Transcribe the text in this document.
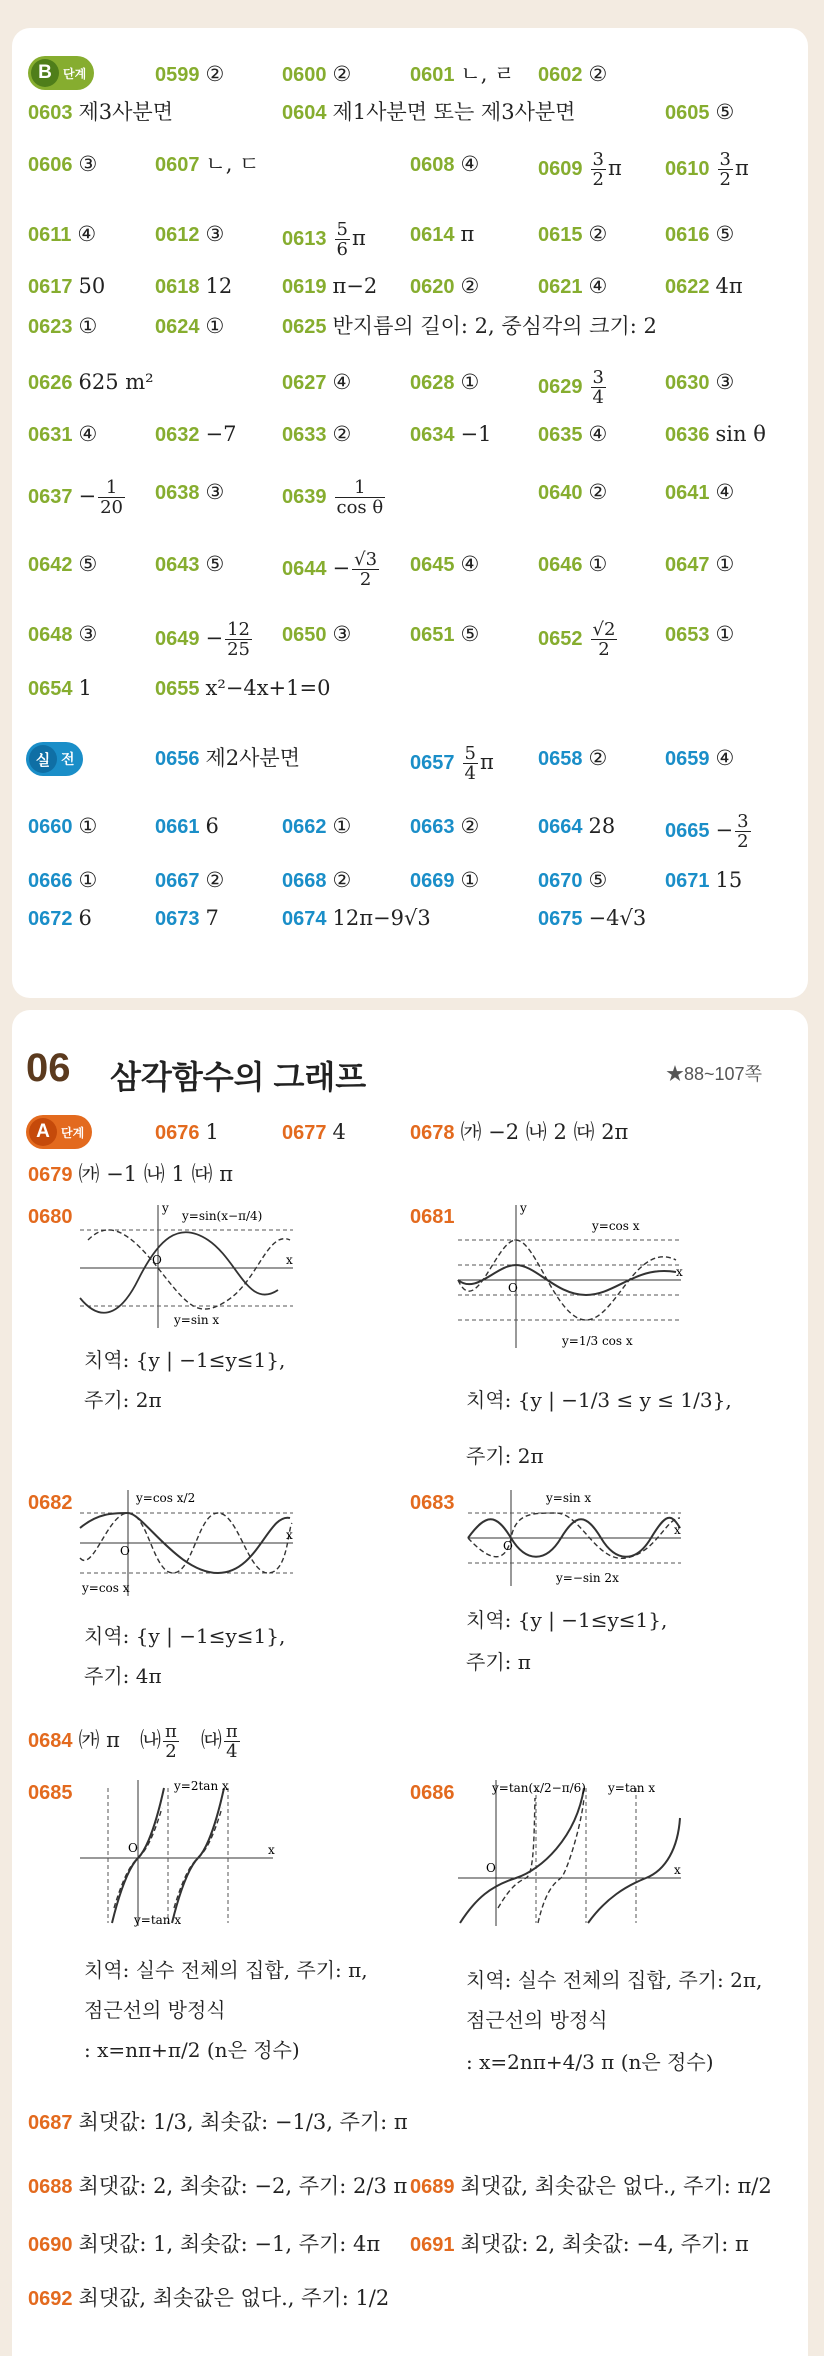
B 단계	0599 ②	0600 ②	0601 ㄴ, ㄹ 0602 ②
0603 제3사분면	0604 제1사분면 또는 제3사분면	0605 ⑤
0606 ③	0607 ㄴ, ㄷ	0608 ④	$0609 \frac{3}{2}$ π $0610 \frac{3}{2}$ π
0611 ④	0612 ③	$0613 \frac{5}{6}$ π 0614 π	0615 ②	0616 ⑤
0617 50 0618 12 0619 π−2 0620 ②	0621 ④	0622 4π
0623 ①	0624 ①	0625 반지름의 길이: 2, 중심각의 크기: 2
0626 625 m²	0627 ④	0628 ①	$0629 \frac{3}{4}$	0630 ③
0631 ④	0632 −7 0633 ②	0634 −1 0635 ④	0636 sin θ
$0637 - \frac{1}{20} 0638$ ③	$0639 \frac{1}{\text{cos θ}}$	0640 ②	0641 ④
0642 ⑤	0643 ⑤	$0644 - \frac{√3}{2} 0645$ ④	0646 ①	0647 ①
0648 ③	$0649 - \frac{12}{25} 0650$ ③	0651 ⑤	$0652 \frac{√2}{2} 0653$ ①
0654 1	0655 x²−4x+1=0
0656 제2사분면	$0657 \frac{5}{4}$ π 0658 ②	0659 ④
0660 ①	0661 6	0662 ①	0663 ②	0664 28 $0665 - \frac{3}{2}$
0666 ①	0667 ②	0668 ②	0669 ①	0670 ⑤	0671 15
0672 6	0673 7	0674 12π−9√3	0675 −4√3
실 전
06 삼각함수의 그래프	★88~107쪽
A 단계	0676 1	0677 4	0678 ㈎ −2 ㈏ 2 ㈐ 2π
0679 ㈎ −1 ㈏ 1 ㈐ π
0680
치역: {y | −1≤y≤1},
주기: 2π
0681
치역: {y | −1/3 ≤ y ≤ 1/3},
주기: 2π
0682
치역: {y | −1≤y≤1},
주기: 4π
0683
치역: {y | −1≤y≤1},
주기: π
0684 ㈎ π ㈏ $\frac{\pi}{2}$ ㈐ $\frac{\pi}{4}$
0685
치역: 실수 전체의 집합, 주기: π,
점근선의 방정식
: x=nπ+π/2 (n은 정수)
0686
치역: 실수 전체의 집합, 주기: 2π,
점근선의 방정식
: x=2nπ+4/3 π (n은 정수)
0687 최댓값: 1/3, 최솟값: −1/3, 주기: π
0688 최댓값: 2, 최솟값: −2, 주기: 2/3 π 0689 최댓값, 최솟값은 없다., 주기: π/2
0690 최댓값: 1, 최솟값: −1, 주기: 4π 0691 최댓값: 2, 최솟값: −4, 주기: π
0692 최댓값, 최솟값은 없다., 주기: 1/2
y=sin(x−π/4)
y=sin x
O	x
y
y=cos x
y=1/3 cos x
O
x
y
y=cos x/2
y=cos x
O
x
y=sin x
y=−sin 2x
O
x
y=2tan x
y=tan x
O	x
y=tan(x/2−π/6) y=tan x
O	x
